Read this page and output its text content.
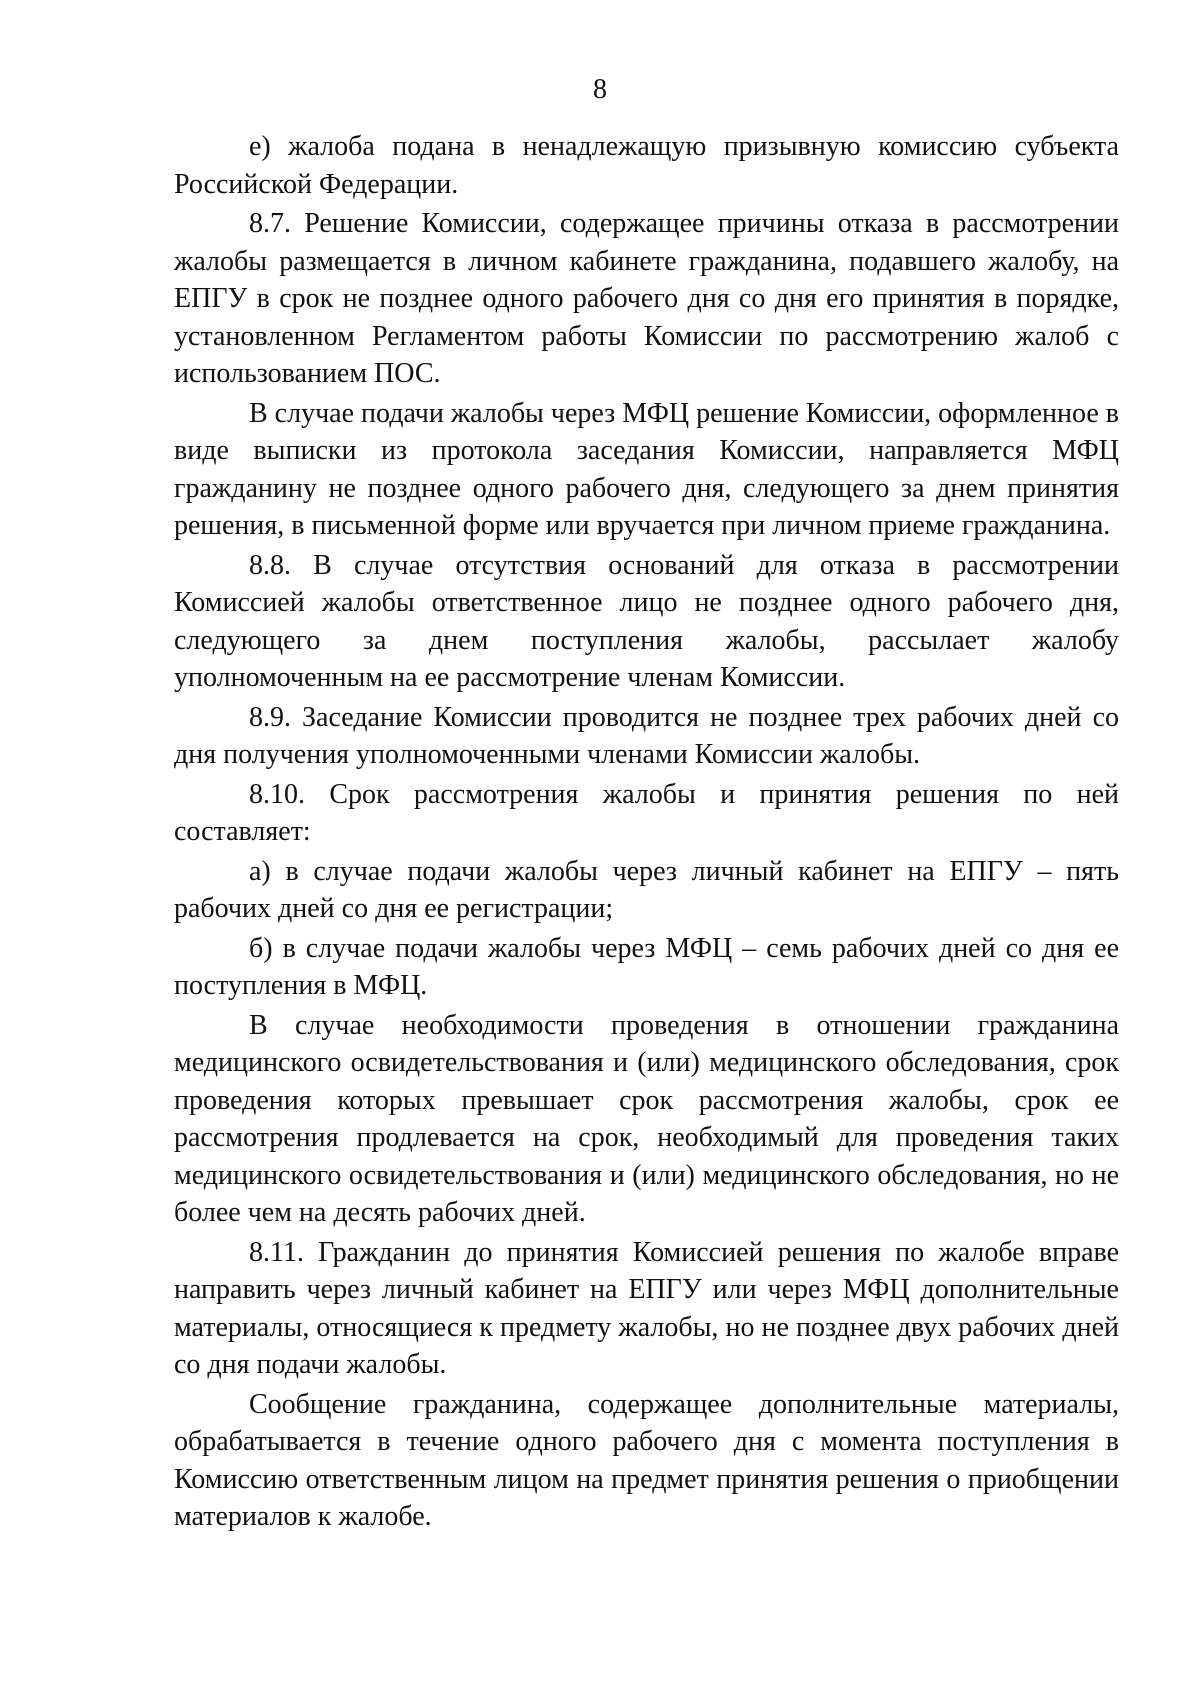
8

е) жалоба подана в ненадлежащую призывную комиссию субъекта Российской Федерации.

8.7. Решение Комиссии, содержащее причины отказа в рассмотрении жалобы размещается в личном кабинете гражданина, подавшего жалобу, на ЕПГУ в срок не позднее одного рабочего дня со дня его принятия в порядке, установленном Регламентом работы Комиссии по рассмотрению жалоб с использованием ПОС.

В случае подачи жалобы через МФЦ решение Комиссии, оформленное в виде выписки из протокола заседания Комиссии, направляется МФЦ гражданину не позднее одного рабочего дня, следующего за днем принятия решения, в письменной форме или вручается при личном приеме гражданина.

8.8. В случае отсутствия оснований для отказа в рассмотрении Комиссией жалобы ответственное лицо не позднее одного рабочего дня, следующего за днем поступления жалобы, рассылает жалобу уполномоченным на ее рассмотрение членам Комиссии.

8.9. Заседание Комиссии проводится не позднее трех рабочих дней со дня получения уполномоченными членами Комиссии жалобы.

8.10. Срок рассмотрения жалобы и принятия решения по ней составляет:

а) в случае подачи жалобы через личный кабинет на ЕПГУ – пять рабочих дней со дня ее регистрации;

б) в случае подачи жалобы через МФЦ – семь рабочих дней со дня ее поступления в МФЦ.

В случае необходимости проведения в отношении гражданина медицинского освидетельствования и (или) медицинского обследования, срок проведения которых превышает срок рассмотрения жалобы, срок ее рассмотрения продлевается на срок, необходимый для проведения таких медицинского освидетельствования и (или) медицинского обследования, но не более чем на десять рабочих дней.

8.11. Гражданин до принятия Комиссией решения по жалобе вправе направить через личный кабинет на ЕПГУ или через МФЦ дополнительные материалы, относящиеся к предмету жалобы, но не позднее двух рабочих дней со дня подачи жалобы.

Сообщение гражданина, содержащее дополнительные материалы, обрабатывается в течение одного рабочего дня с момента поступления в Комиссию ответственным лицом на предмет принятия решения о приобщении материалов к жалобе.
